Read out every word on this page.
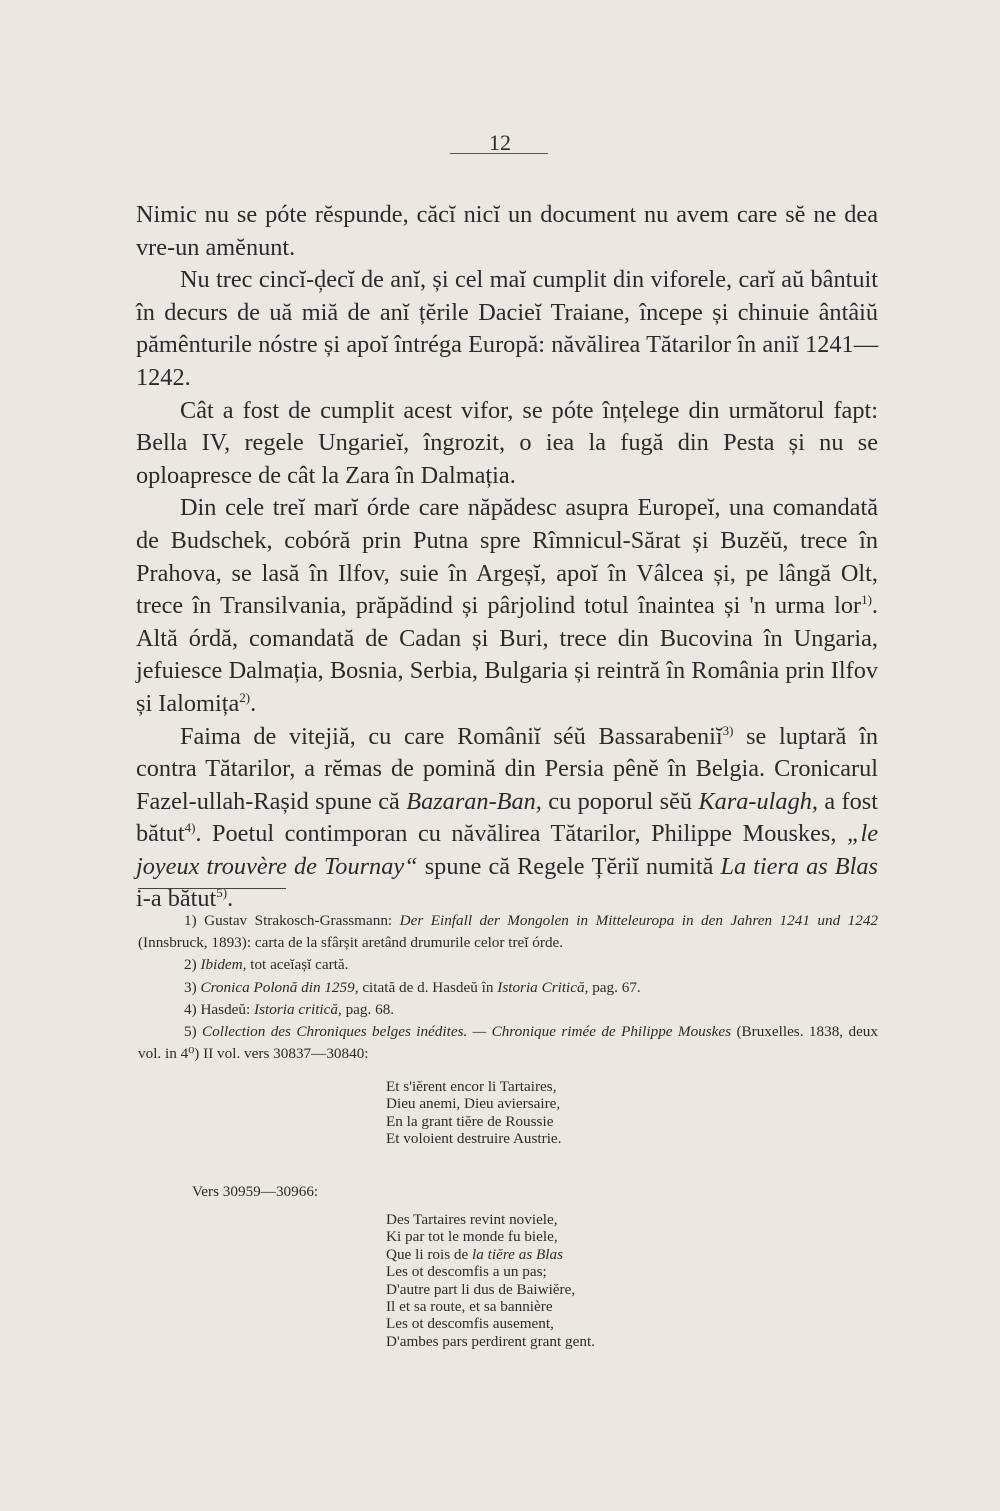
12

Nimic nu se póte rĕspunde, căcĭ nicĭ un document nu avem care sĕ ne dea vre-un amĕnunt.

Nu trec cincĭ-ḑecĭ de anĭ, și cel maĭ cumplit din viforele, carĭ aŭ bântuit în decurs de uă miă de anĭ țĕrile Dacieĭ Traiane, începe și chinuie ântâiŭ pămênturile nóstre și apoĭ întréga Europă: năvălirea Tătarilor în aniĭ 1241—1242.

Cât a fost de cumplit acest vifor, se póte înțelege din următorul fapt: Bella IV, regele Ungarieĭ, îngrozit, o iea la fugă din Pesta și nu se oploapresce de cât la Zara în Dalmația.

Din cele treĭ marĭ órde care năpădesc asupra Europeĭ, una comandată de Budschek, cobóră prin Putna spre Rîmnicul-Sărat și Buzĕŭ, trece în Prahova, se lasă în Ilfov, suie în Argeșĭ, apoĭ în Vâlcea și, pe lângă Olt, trece în Transilvania, prăpădind și pârjolind totul înaintea și 'n urma lor$^{1)}$. Altă órdă, comandată de Cadan și Buri, trece din Bucovina în Ungaria, jefuiesce Dalmația, Bosnia, Serbia, Bulgaria și reintră în România prin Ilfov și Ialomița$^{2)}$.

Faima de vitejiă, cu care Româniĭ séŭ Bassarabeniĭ$^{3)}$ se luptară în contra Tătarilor, a rĕmas de pomină din Persia pênĕ în Belgia. Cronicarul Fazel-ullah-Rașid spune că Bazaran-Ban, cu poporul sĕŭ Kara-ulagh, a fost bătut$^{4)}$. Poetul contimporan cu năvălirea Tătarilor, Philippe Mouskes, „le joyeux trouvère de Tournay“ spune că Regele Țĕriĭ numită La tiera as Blas i-a bătut$^{5)}$.

1) Gustav Strakosch-Grassmann: Der Einfall der Mongolen in Mitteleuropa in den Jahren 1241 und 1242 (Innsbruck, 1893): carta de la sfârșit aretând drumurile celor treĭ órde.

2) Ibidem, tot aceĭașĭ cartă.

3) Cronica Polonă din 1259, citată de d. Hasdeŭ în Istoria Critică, pag. 67.

4) Hasdeŭ: Istoria critică, pag. 68.

5) Collection des Chroniques belges inédites. — Chronique rimée de Philippe Mouskes (Bruxelles. 1838, deux vol. in 4⁰) II vol. vers 30837—30840:

Et s'iĕrent encor li Tartaires,
Dieu anemi, Dieu aviersaire,
En la grant tiĕre de Roussie
Et voloient destruire Austrie.
Vers 30959—30966:
Des Tartaires revint noviele,
Ki par tot le monde fu biele,
Que li rois de la tiĕre as Blas
Les ot descomfis a un pas;
D'autre part li dus de Baiwiĕre,
Il et sa route, et sa bannière
Les ot descomfis ausement,
D'ambes pars perdirent grant gent.
